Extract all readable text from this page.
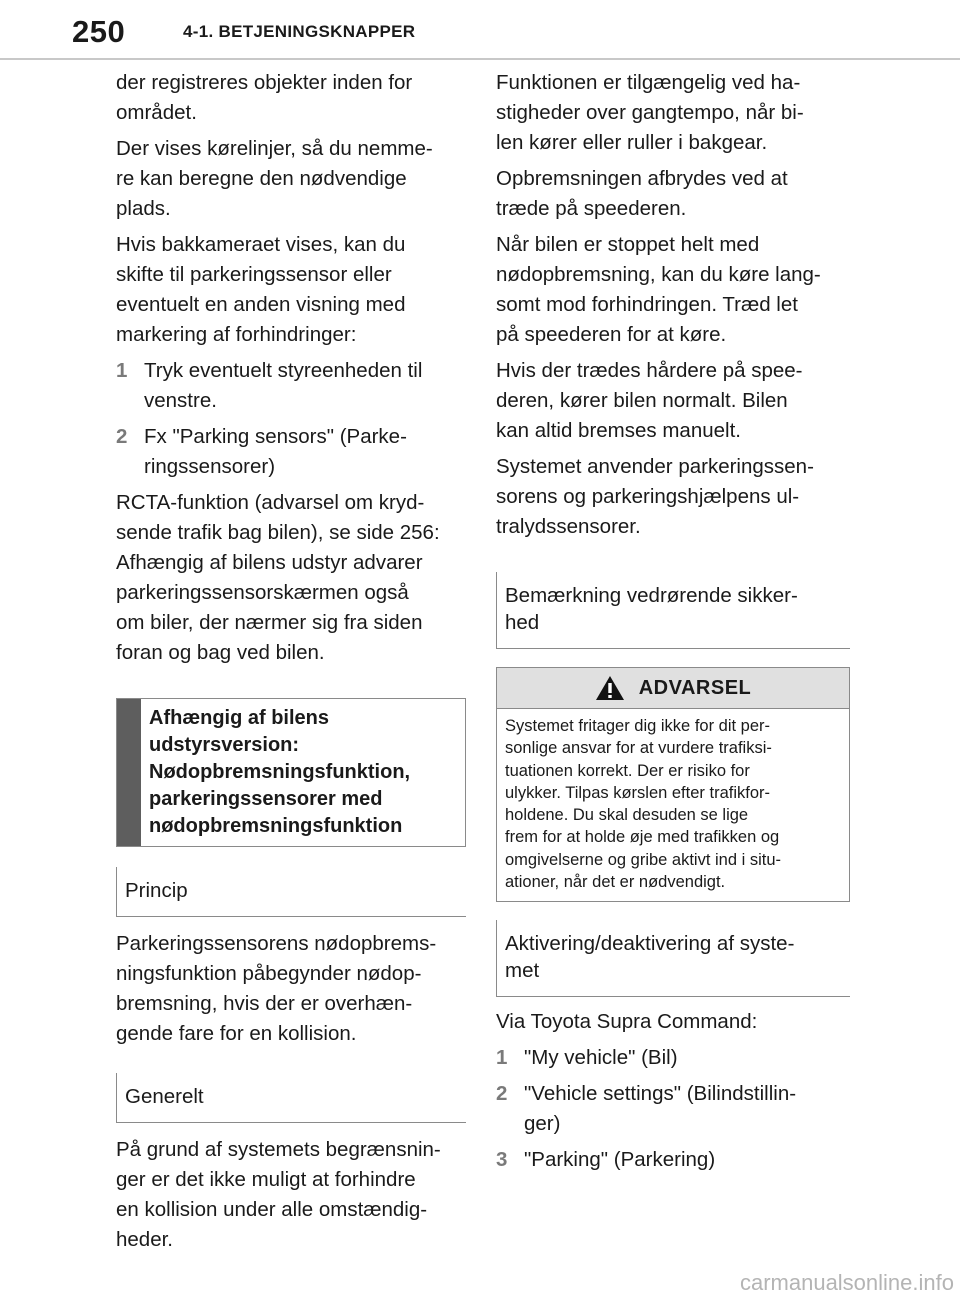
250	4-1. BETJENINGSKNAPPER
der registreres objekter inden for
området.
Der vises kørelinjer, så du nemme-
re kan beregne den nødvendige
plads.
Hvis bakkameraet vises, kan du
skifte til parkeringssensor eller
eventuelt en anden visning med
markering af forhindringer:
1 Tryk eventuelt styreenheden til
venstre.
2 Fx "Parking sensors" (Parke-
ringssensorer)
RCTA-funktion (advarsel om kryd-
sende trafik bag bilen), se side 256:
Afhængig af bilens udstyr advarer
parkeringssensorskærmen også
om biler, der nærmer sig fra siden
foran og bag ved bilen.
Afhængig af bilens
udstyrsversion:
Nødopbremsningsfunktion,
parkeringssensorer med
nødopbremsningsfunktion
Princip
Parkeringssensorens nødopbrems-
ningsfunktion påbegynder nødop-
bremsning, hvis der er overhæn-
gende fare for en kollision.
Generelt
På grund af systemets begrænsnin-
ger er det ikke muligt at forhindre
en kollision under alle omstændig-
heder.
Funktionen er tilgængelig ved ha-
stigheder over gangtempo, når bi-
len kører eller ruller i bakgear.
Opbremsningen afbrydes ved at
træde på speederen.
Når bilen er stoppet helt med
nødopbremsning, kan du køre lang-
somt mod forhindringen. Træd let
på speederen for at køre.
Hvis der trædes hårdere på spee-
deren, kører bilen normalt. Bilen
kan altid bremses manuelt.
Systemet anvender parkeringssen-
sorens og parkeringshjælpens ul-
tralydssensorer.
Bemærkning vedrørende sikker-
hed
ADVARSEL
Systemet fritager dig ikke for dit per-
sonlige ansvar for at vurdere trafiksi-
tuationen korrekt. Der er risiko for
ulykker. Tilpas kørslen efter trafikfor-
holdene. Du skal desuden se lige
frem for at holde øje med trafikken og
omgivelserne og gribe aktivt ind i situ-
ationer, når det er nødvendigt.
Aktivering/deaktivering af syste-
met
Via Toyota Supra Command:
1 "My vehicle" (Bil)
2 "Vehicle settings" (Bilindstillin-
ger)
3 "Parking" (Parkering)
carmanualsonline.info
